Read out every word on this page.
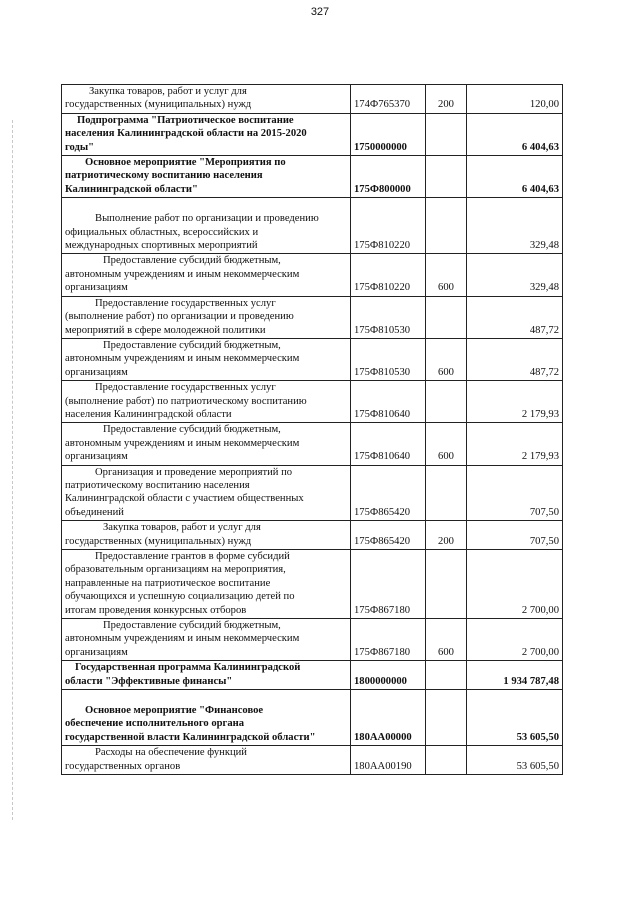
327
Закупка товаров, работ и услуг для
государственных (муниципальных) нужд	174Ф765370	200	120,00
Подпрограмма "Патриотическое воспитание
населения Калининградской области на 2015-2020
годы"	1750000000		6 404,63
Основное мероприятие "Мероприятия по
патриотическому воспитанию населения
Калининградской области"	175Ф800000		6 404,63
Выполнение работ по организации и проведению
официальных областных, всероссийских и
международных спортивных мероприятий	175Ф810220		329,48
Предоставление субсидий бюджетным,
автономным учреждениям и иным некоммерческим
организациям	175Ф810220	600	329,48
Предоставление государственных услуг
(выполнение работ) по организации и проведению
мероприятий в сфере молодежной политики	175Ф810530		487,72
Предоставление субсидий бюджетным,
автономным учреждениям и иным некоммерческим
организациям	175Ф810530	600	487,72
Предоставление государственных услуг
(выполнение работ) по патриотическому воспитанию
населения Калининградской области	175Ф810640		2 179,93
Предоставление субсидий бюджетным,
автономным учреждениям и иным некоммерческим
организациям	175Ф810640	600	2 179,93
Организация и проведение мероприятий по
патриотическому воспитанию населения
Калининградской области с участием общественных
объединений	175Ф865420		707,50
Закупка товаров, работ и услуг для
государственных (муниципальных) нужд	175Ф865420	200	707,50
Предоставление грантов в форме субсидий
образовательным организациям на мероприятия,
направленные на патриотическое воспитание
обучающихся и успешную социализацию детей по
итогам проведения конкурсных отборов	175Ф867180		2 700,00
Предоставление субсидий бюджетным,
автономным учреждениям и иным некоммерческим
организациям	175Ф867180	600	2 700,00
Государственная программа Калининградской
области "Эффективные финансы"	1800000000		1 934 787,48
Основное мероприятие "Финансовое
обеспечение исполнительного органа
государственной власти Калининградской области"	180АА00000		53 605,50
Расходы на обеспечение функций
государственных органов	180АА00190		53 605,50
